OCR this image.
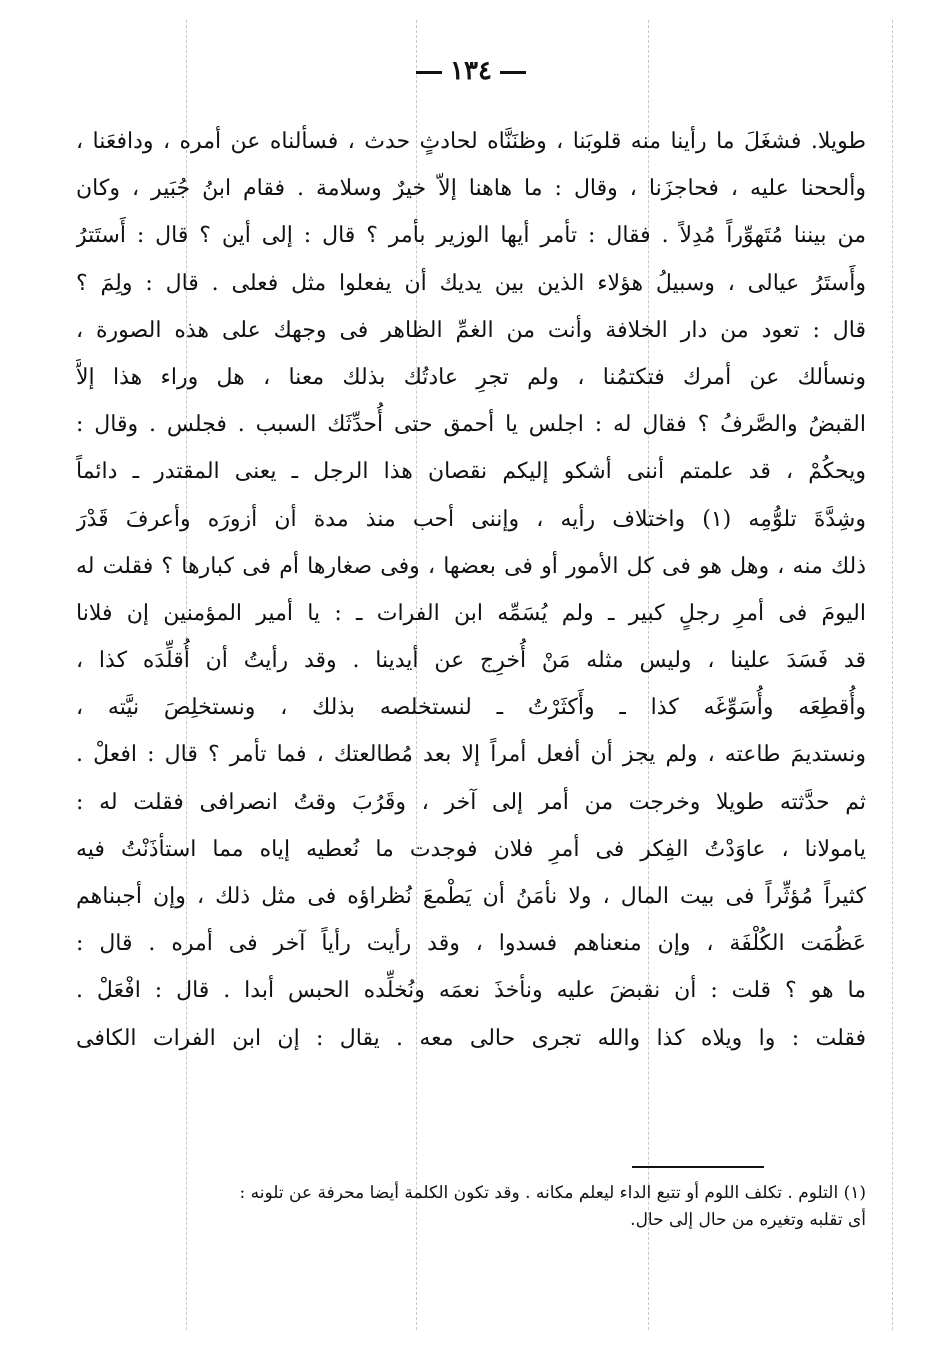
١٣٤
طويلا. فشغَلَ ما رأينا منه قلوبَنا ، وظنَنَّاه لحادثٍ حدث ، فسألناه عن أمره ، ودافعَنا ،
وألححنا عليه ، فحاجزَنا ، وقال : ما هاهنا إلاّ خيرٌ وسلامة . فقام ابنُ جُبَير ، وكان
من بيننا مُتَهوِّراً مُدِلاً . فقال : تأمر أيها الوزير بأمر ؟ قال : إلى أين ؟ قال : أَستَترُ
وأَستَرُ عيالى ، وسبيلُ هؤلاء الذين بين يديك أن يفعلوا مثل فعلى . قال : ولِمَ ؟
قال : تعود من دار الخلافة وأنت من الغمِّ الظاهر فى وجهك على هذه الصورة ،
ونسألك عن أمرك فتكتمُنا ، ولم تجرِ عادتُك بذلك معنا ، هل وراء هذا إلاَّ
القبضُ والصَّرفُ ؟ فقال له : اجلس يا أحمق حتى أُحدِّثَك السبب . فجلس . وقال :
ويحكُمْ ، قد علمتم أننى أشكو إليكم نقصان هذا الرجل ـ يعنى المقتدر ـ دائماً
وشِدَّةَ تلوُّمِه (١) واختلاف رأيه ، وإننى أحب منذ مدة أن أزورَه وأعرفَ قَدْرَ
ذلك منه ، وهل هو فى كل الأمور أو فى بعضها ، وفى صغارها أم فى كبارها ؟ فقلت له
اليومَ فى أمرِ رجلٍ كبير ـ ولم يُسَمِّه ابن الفرات ـ : يا أمير المؤمنين إن فلانا
قد فَسَدَ علينا ، وليس مثله مَنْ أُخرِج عن أيدينا . وقد رأيتُ أن أُقلِّدَه كذا ،
وأُقطِعَه وأُسَوِّغَه كذا ـ وأَكثَرْتُ ـ لنستخلصه بذلك ، ونستخلِصَ نيَّته ،
ونستديمَ طاعته ، ولم يجز أن أفعل أمراً إلا بعد مُطالعتك ، فما تأمر ؟ قال : افعلْ .
ثم حدَّثته طويلا وخرجت من أمر إلى آخر ، وقَرُبَ وقتُ انصرافى فقلت له :
يامولانا ، عاوَدْتُ الفِكر فى أمرِ فلان فوجدت ما نُعطيه إياه مما استأذَنْتُ فيه
كثيراً مُؤثِّراً فى بيت المال ، ولا نأمَنُ أن يَطْمعَ نُظراؤه فى مثل ذلك ، وإن أجبناهم
عَظُمَت الكُلْفَة ، وإن منعناهم فسدوا ، وقد رأيت رأياً آخر فى أمره . قال :
ما هو ؟ قلت : أن نقبضَ عليه ونأخذَ نعمَه ونُخلِّده الحبس أبدا . قال : افْعَلْ .
فقلت : وا ويلاه كذا والله تجرى حالى معه . يقال : إن ابن الفرات الكافى
(١) التلوم . تكلف اللوم أو تتبع الداء ليعلم مكانه . وقد تكون الكلمة أيضا محرفة عن تلونه :
أى تقلبه وتغيره من حال إلى حال.
